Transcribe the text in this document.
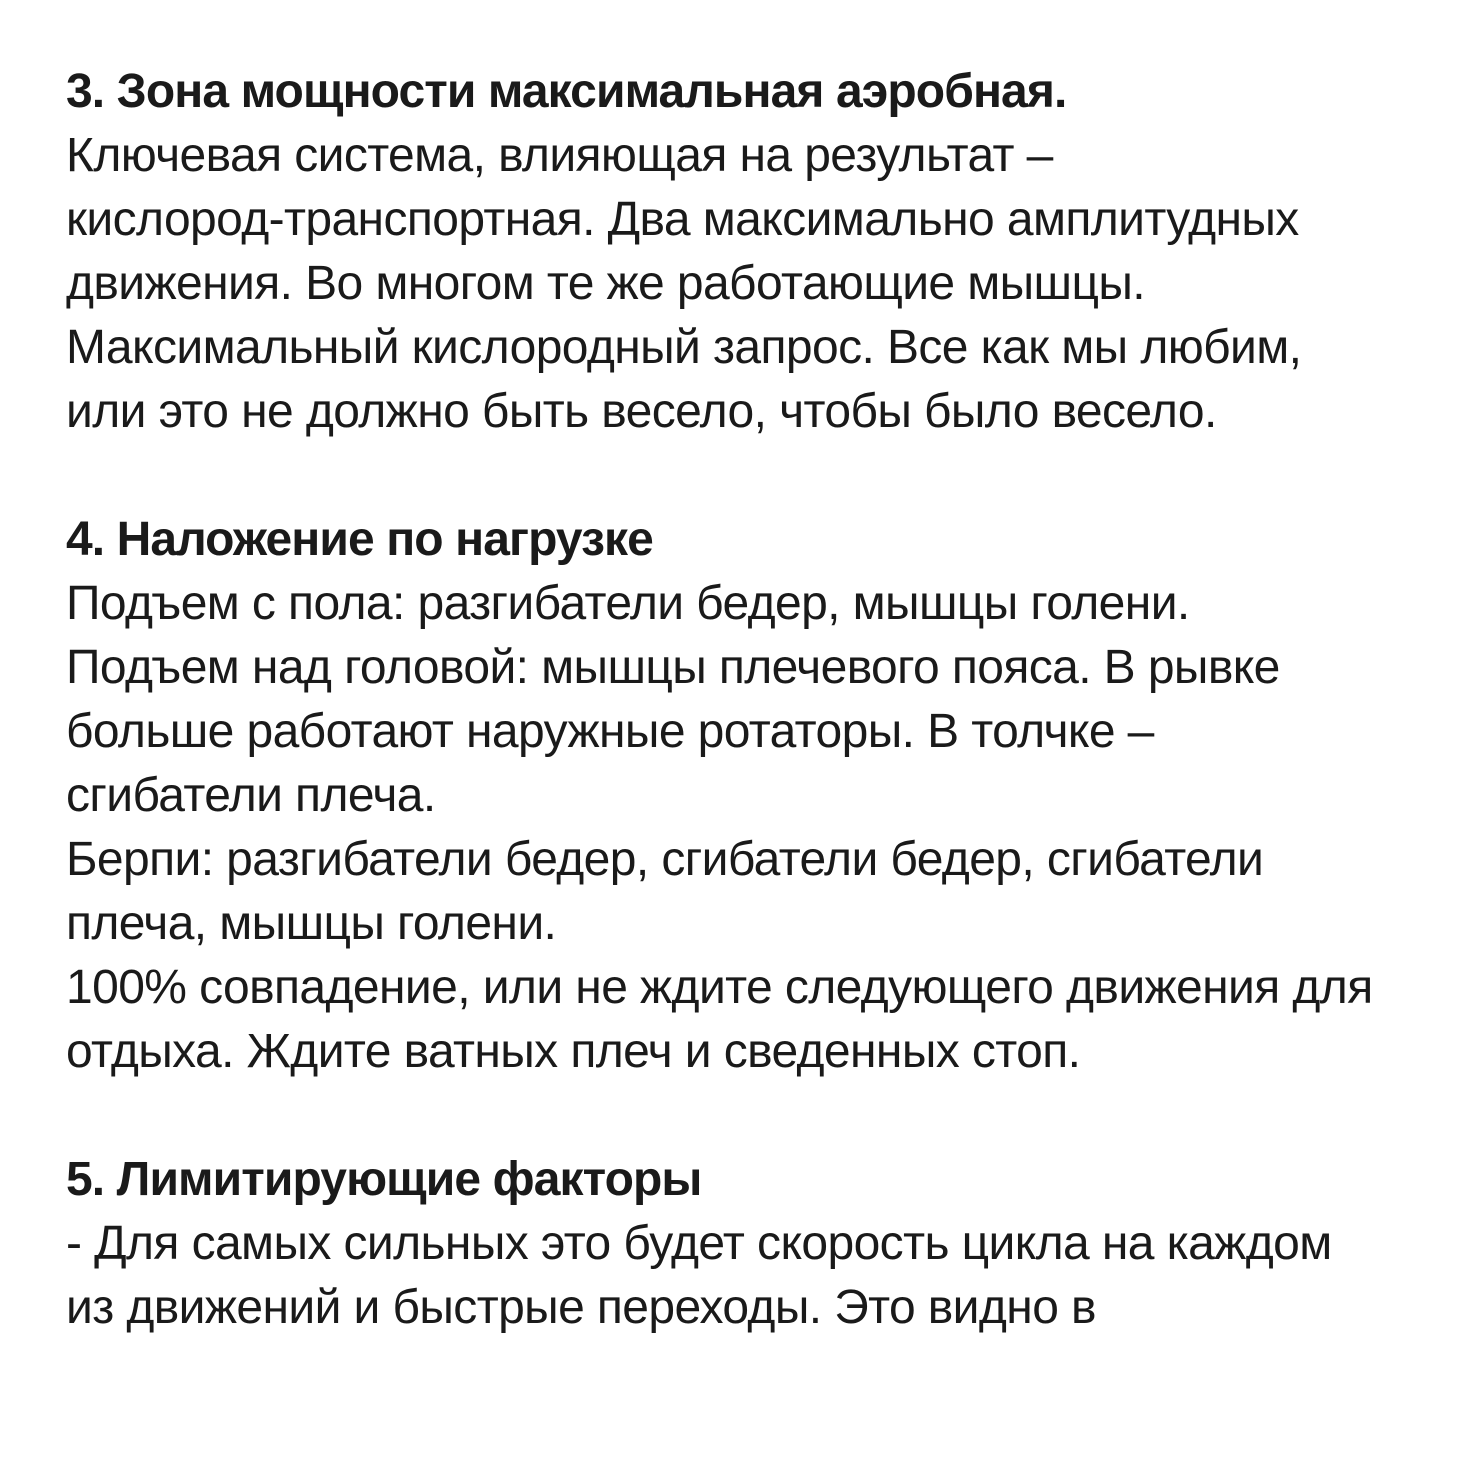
3. Зона мощности максимальная аэробная.
Ключевая система, влияющая на результат –
кислород-транспортная. Два максимально амплитудных
движения. Во многом те же работающие мышцы.
Максимальный кислородный запрос. Все как мы любим,
или это не должно быть весело, чтобы было весело.
4. Наложение по нагрузке
Подъем с пола: разгибатели бедер, мышцы голени.
Подъем над головой: мышцы плечевого пояса. В рывке
больше работают наружные ротаторы. В толчке –
сгибатели плеча.
Берпи: разгибатели бедер, сгибатели бедер, сгибатели
плеча, мышцы голени.
100% совпадение, или не ждите следующего движения для
отдыха. Ждите ватных плеч и сведенных стоп.
5. Лимитирующие факторы
- Для самых сильных это будет скорость цикла на каждом
из движений и быстрые переходы. Это видно в
